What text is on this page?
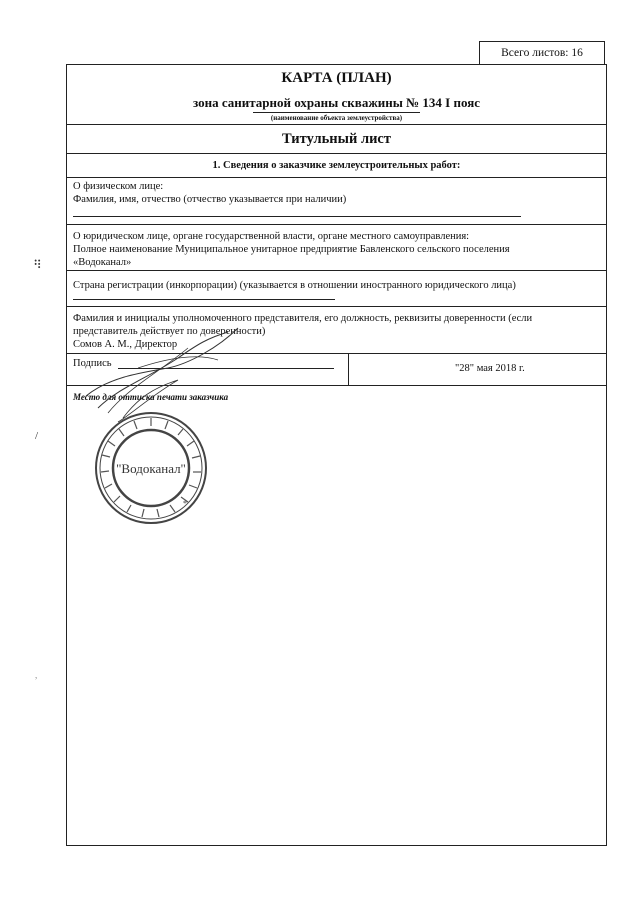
Всего листов: 16
КАРТА (ПЛАН)
зона санитарной охраны скважины № 134 I пояс
(наименование объекта землеустройства)
Титульный лист
1. Сведения о заказчике землеустроительных работ:
О физическом лице:
Фамилия, имя, отчество (отчество указывается при наличии)
О юридическом лице, органе государственной власти, органе местного самоуправления:
Полное наименование Муниципальное унитарное предприятие Бавленского сельского поселения
«Водоканал»
Страна регистрации (инкорпорации) (указывается в отношении иностранного юридического лица)
Фамилия и инициалы уполномоченного представителя, его должность, реквизиты доверенности (если
представитель действует по доверенности)
Сомов А. М., Директор
Подпись	"28" мая 2018 г.
Место для оттиска печати заказчика
"Водоканал"
*
⠻
/
,
